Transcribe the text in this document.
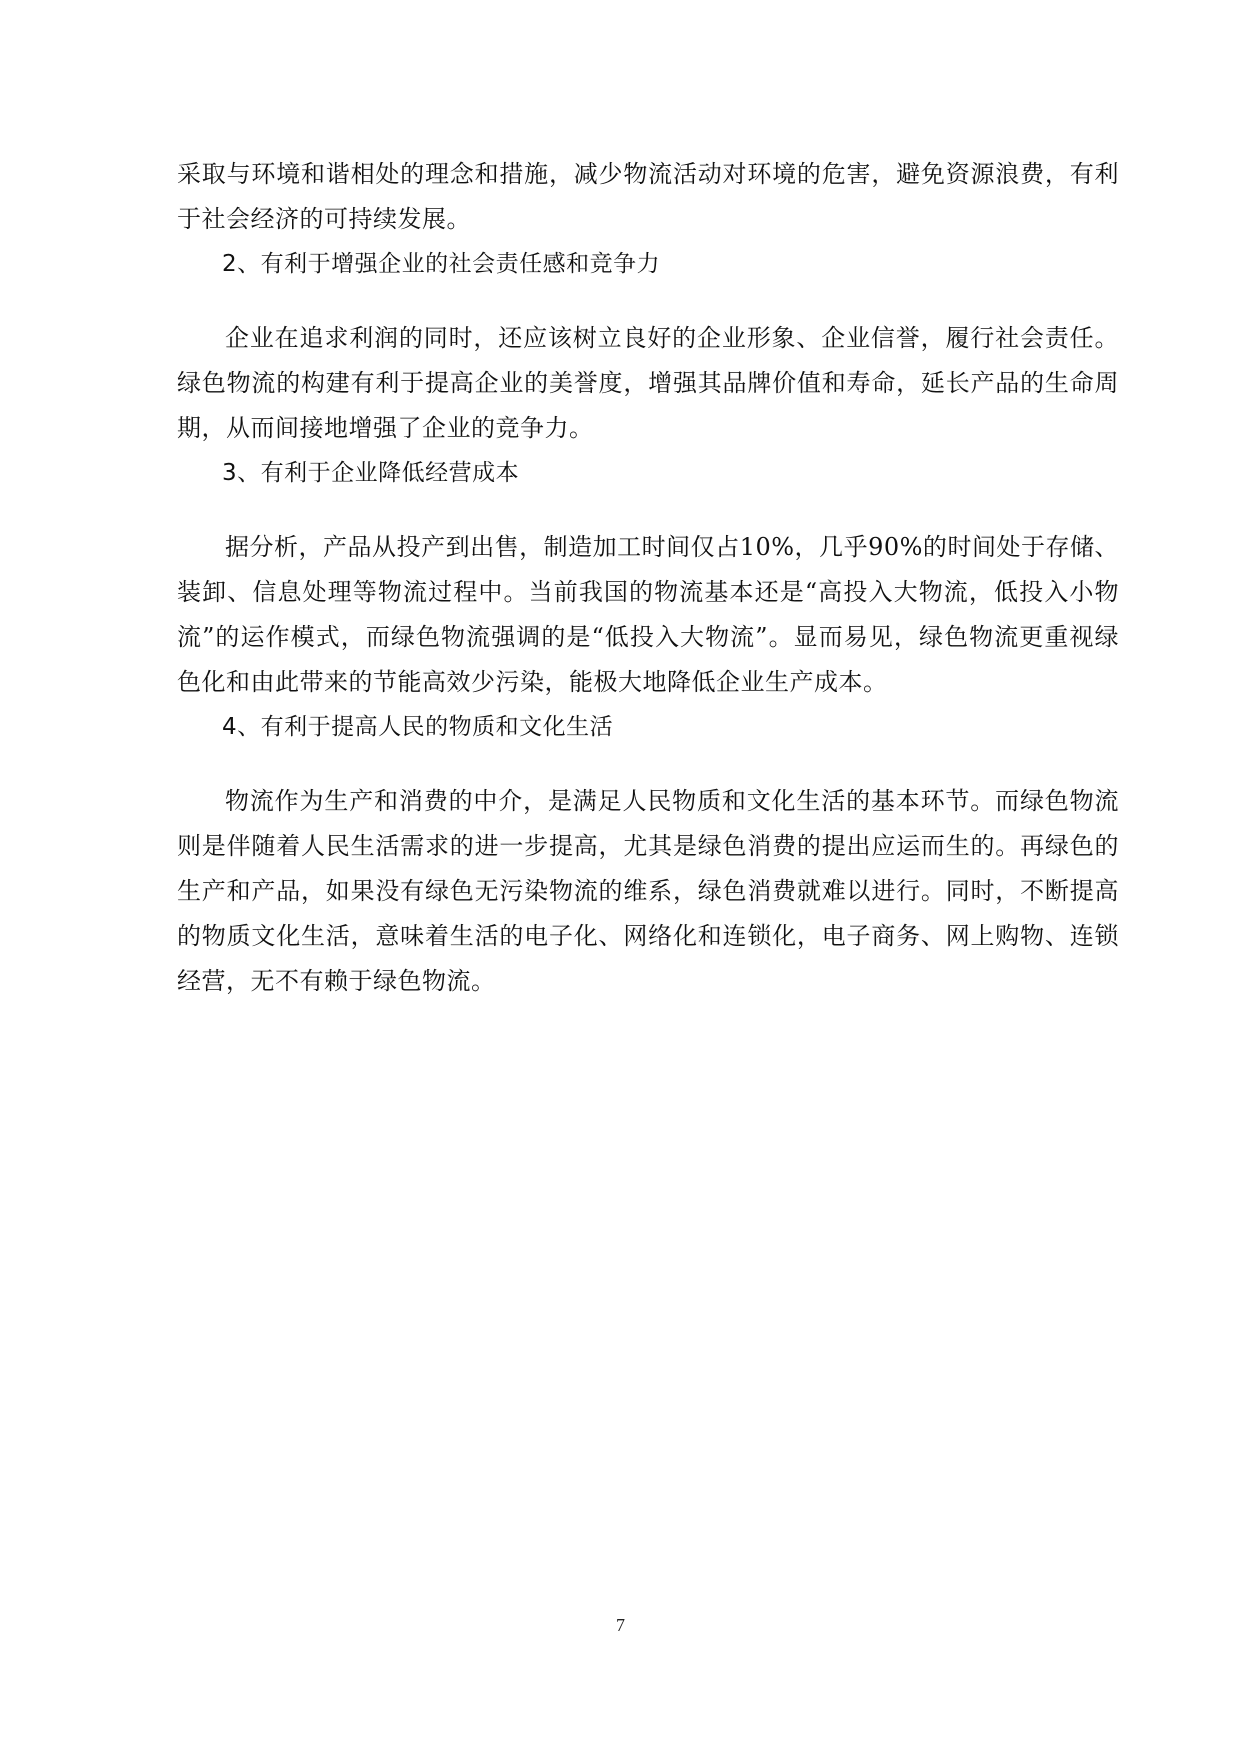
采取与环境和谐相处的理念和措施，减少物流活动对环境的危害，避免资源浪费，有利于社会经济的可持续发展。

2、有利于增强企业的社会责任感和竞争力

企业在追求利润的同时，还应该树立良好的企业形象、企业信誉，履行社会责任。绿色物流的构建有利于提高企业的美誉度，增强其品牌价值和寿命，延长产品的生命周期，从而间接地增强了企业的竞争力。

3、有利于企业降低经营成本

据分析，产品从投产到出售，制造加工时间仅占10%，几乎90%的时间处于存储、装卸、信息处理等物流过程中。当前我国的物流基本还是“高投入大物流，低投入小物流”的运作模式，而绿色物流强调的是“低投入大物流”。显而易见，绿色物流更重视绿色化和由此带来的节能高效少污染，能极大地降低企业生产成本。

4、有利于提高人民的物质和文化生活

物流作为生产和消费的中介，是满足人民物质和文化生活的基本环节。而绿色物流则是伴随着人民生活需求的进一步提高，尤其是绿色消费的提出应运而生的。再绿色的生产和产品，如果没有绿色无污染物流的维系，绿色消费就难以进行。同时，不断提高的物质文化生活，意味着生活的电子化、网络化和连锁化，电子商务、网上购物、连锁经营，无不有赖于绿色物流。

7
